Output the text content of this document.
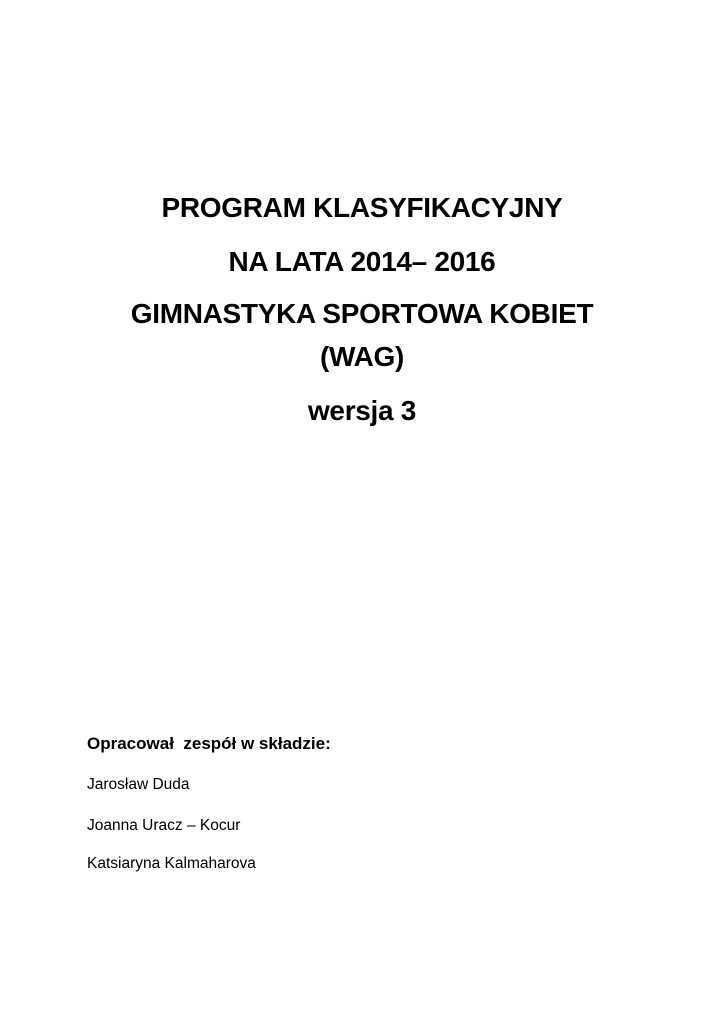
PROGRAM KLASYFIKACYJNY
NA LATA 2014– 2016
GIMNASTYKA SPORTOWA KOBIET
(WAG)
wersja 3
Opracował  zespół w składzie:
Jarosław Duda
Joanna Uracz – Kocur
Katsiaryna Kalmaharova
